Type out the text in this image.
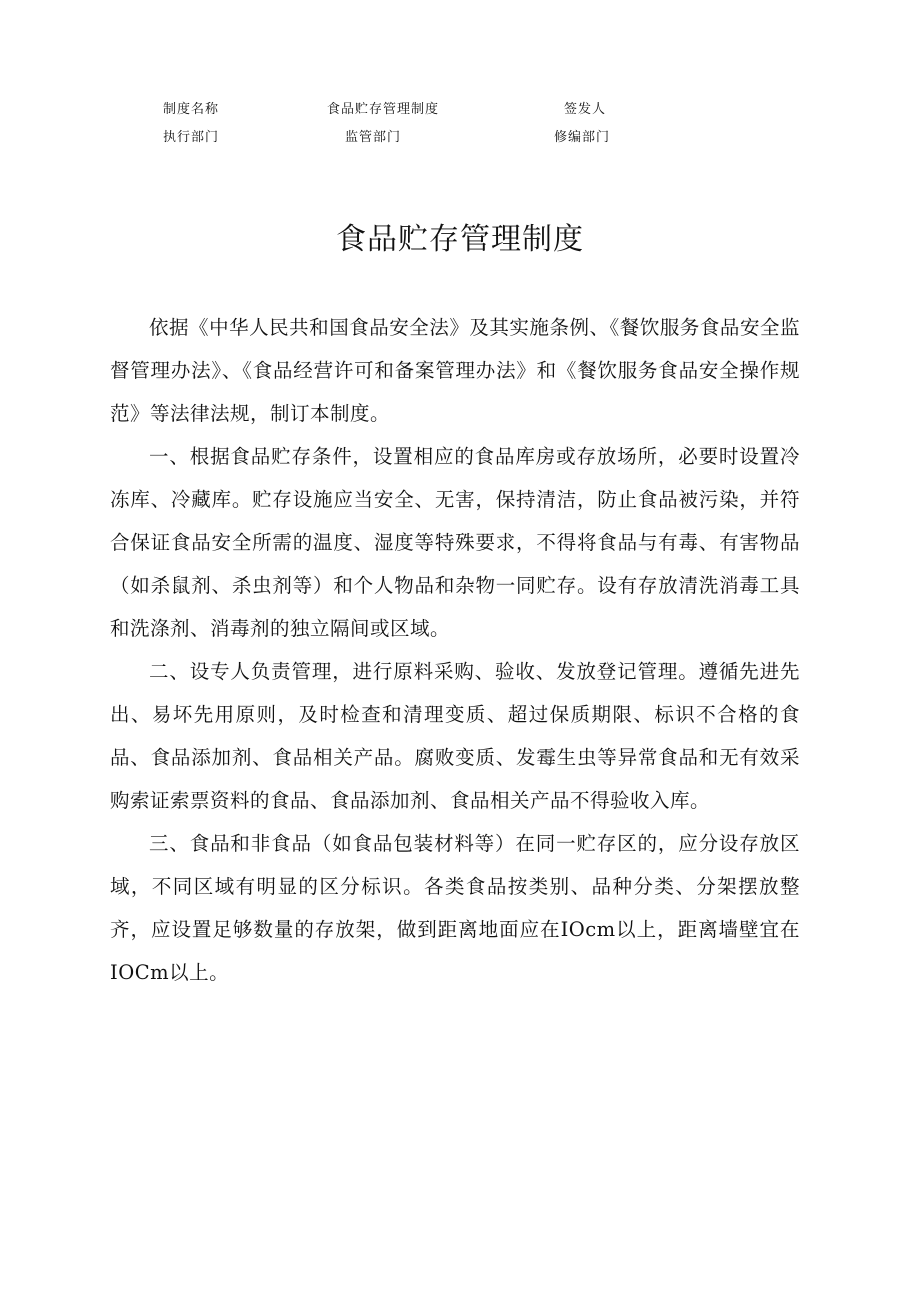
制度名称	食品贮存管理制度	签发人
执行部门	监管部门	修编部门
食品贮存管理制度

依据《中华人民共和国食品安全法》及其实施条例、《餐饮服务食品安全监督管理办法》、《食品经营许可和备案管理办法》和《餐饮服务食品安全操作规范》等法律法规，制订本制度。

一、根据食品贮存条件，设置相应的食品库房或存放场所，必要时设置冷冻库、冷藏库。贮存设施应当安全、无害，保持清洁，防止食品被污染，并符合保证食品安全所需的温度、湿度等特殊要求，不得将食品与有毒、有害物品（如杀鼠剂、杀虫剂等）和个人物品和杂物一同贮存。设有存放清洗消毒工具和洗涤剂、消毒剂的独立隔间或区域。

二、设专人负责管理，进行原料采购、验收、发放登记管理。遵循先进先出、易坏先用原则，及时检查和清理变质、超过保质期限、标识不合格的食品、食品添加剂、食品相关产品。腐败变质、发霉生虫等异常食品和无有效采购索证索票资料的食品、食品添加剂、食品相关产品不得验收入库。

三、食品和非食品（如食品包装材料等）在同一贮存区的，应分设存放区域，不同区域有明显的区分标识。各类食品按类别、品种分类、分架摆放整齐，应设置足够数量的存放架，做到距离地面应在IOcm以上，距离墙壁宜在IOCm以上。
